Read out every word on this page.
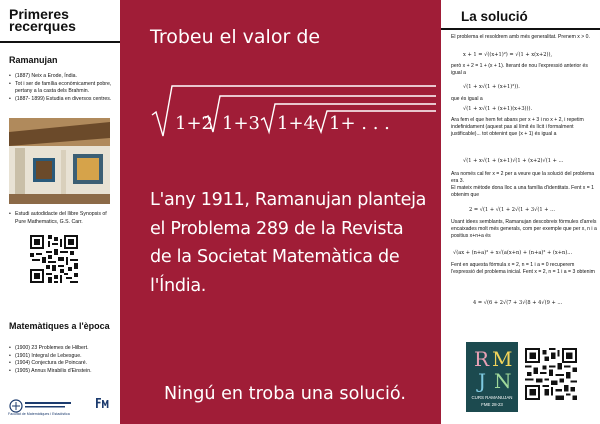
Primeres
recerques
Ramanujan
• (1887) Neix a Erode, Índia.
• Tot i ser de família econòmicament pobre, pertany a la casta dels Brahmin.
• (1887- 1899) Estudia en diversos centres.
• Estudi autodidacte del llibre Synopsis of Pure Mathematics, G.S. Carr.
Matemàtiques a l'època
• (1900) 23 Problemes de Hilbert.
• (1901) Integral de Lebesgue.
• (1904) Conjectura de Poincaré.
• (1905) Annus Mirabilis d'Einstein.
Facultat de Matemàtiques i Estadística
Trobeu el valor de
1+2 1+3 1+4 1+ . . .
L'any 1911, Ramanujan planteja
el Problema 289 de la Revista
de la Societat Matemàtica de
l'Índia.
Ningú en troba una solució.
La solució
El problema el resoldrem amb més generalitat. Prenem x > 0.
x + 1 = √((x+1)²) = √(1 + x(x+2)),
però x + 2 = 1 + (x + 1). Iterant de nou l'expressió anterior és igual a
√(1 + x√(1 + (x+1)²)).
que és igual a
√(1 + x√(1 + (x+1)(x+3))).
Ara fem el que hem fet abans per x + 3 i no x + 2, i repetim indefinidament (aquest pas al límit és lícit i formalment justificable)... tot obtenint que (x + 1) és igual a
√(1 + x√(1 + (x+1)√(1 + (x+2)√(1 + ...
Ara només cal fer x = 2 per a veure que la solució del problema era 3.
El mateix mètode dona lloc a una família d'identitats. Fent x = 1 obtenim que
2 = √(1 + √(1 + 2√(1 + 3√(1 + ...
Usant idees semblants, Ramanujan descobreix fórmules d'arrels encaixades molt més generals, com per exemple que per x, n i a positius x+n+a és
√(ax + (n+a)² + x√(a(x+n) + (n+a)² + (x+n)...
Fent en aquesta fórmula x = 2, n = 1 i a = 0 recuperem l'expressió del problema inicial. Fent x = 2, n = 1 i a = 3 obtenim
4 = √(6 + 2√(7 + 3√(8 + 4√(9 + ...
R M
J N
CURS RAMANUJAN
FME 28-23
